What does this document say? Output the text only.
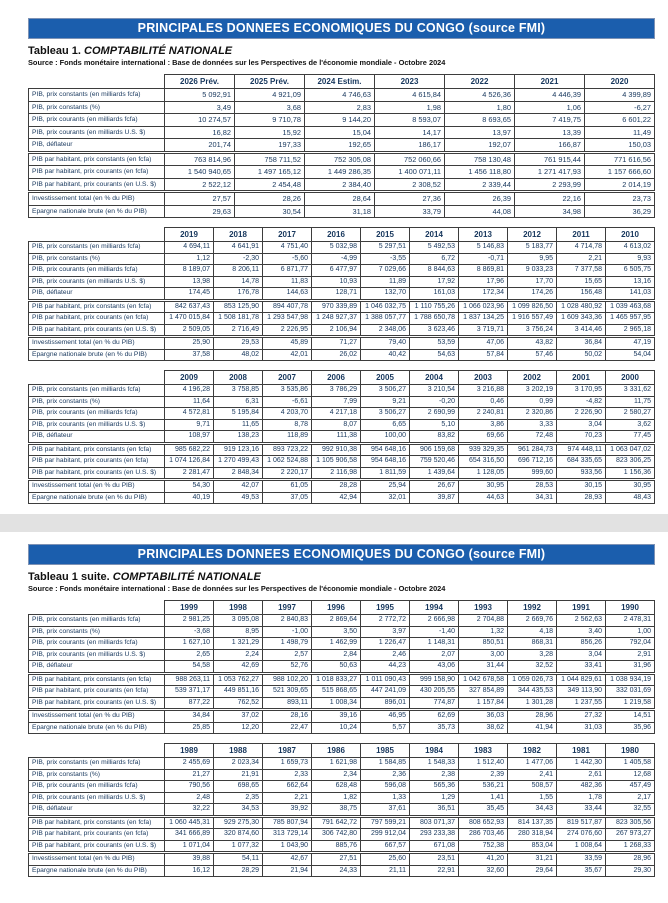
PRINCIPALES DONNEES ECONOMIQUES DU CONGO (source FMI)
Tableau 1. COMPTABILITÉ NATIONALE
Source : Fonds monétaire international : Base de données sur les Perspectives de l'économie mondiale - Octobre 2024
	2026 Prév.	2025 Prév.	2024 Estim.	2023	2022	2021	2020
PIB, prix constants (en milliards fcfa)	5 092,91	4 921,09	4 746,63	4 615,84	4 526,36	4 446,39	4 399,89
PIB, prix constants (%)	3,49	3,68	2,83	1,98	1,80	1,06	-6,27
PIB, prix courants (en milliards fcfa)	10 274,57	9 710,78	9 144,20	8 593,07	8 693,65	7 419,75	6 601,22
PIB, prix courants (en milliards U.S. $)	16,82	15,92	15,04	14,17	13,97	13,39	11,49
PIB, déflateur	201,74	197,33	192,65	186,17	192,07	166,87	150,03
PIB par habitant, prix constants (en fcfa)	763 814,96	758 711,52	752 305,08	752 060,66	758 130,48	761 915,44	771 616,56
PIB par habitant, prix courants (en fcfa)	1 540 940,65	1 497 165,12	1 449 286,35	1 400 071,11	1 456 118,80	1 271 417,93	1 157 666,60
PIB par habitant, prix courants (en U.S. $)	2 522,12	2 454,48	2 384,40	2 308,52	2 339,44	2 293,99	2 014,19
Investissement total (en % du PIB)	27,57	28,26	28,64	27,36	26,39	22,16	23,73
Epargne nationale brute (en % du PIB)	29,63	30,54	31,18	33,79	44,08	34,98	36,29
	2019	2018	2017	2016	2015	2014	2013	2012	2011	2010
PIB, prix constants (en milliards fcfa)	4 694,11	4 641,91	4 751,40	5 032,98	5 297,51	5 492,53	5 146,83	5 183,77	4 714,78	4 613,02
PIB, prix constants (%)	1,12	-2,30	-5,60	-4,99	-3,55	6,72	-0,71	9,95	2,21	9,93
PIB, prix courants (en milliards fcfa)	8 189,07	8 206,11	6 871,77	6 477,97	7 029,66	8 844,63	8 869,81	9 033,23	7 377,58	6 505,75
PIB, prix courants (en milliards U.S. $)	13,98	14,78	11,83	10,93	11,89	17,92	17,96	17,70	15,65	13,16
PIB, déflateur	174,45	176,78	144,63	128,71	132,70	161,03	172,34	174,26	156,48	141,03
PIB par habitant, prix constants (en fcfa)	842 637,43	853 125,90	894 407,78	970 339,89	1 046 032,75	1 110 755,26	1 066 023,96	1 099 826,50	1 028 480,92	1 039 463,68
PIB par habitant, prix courants (en fcfa)	1 470 015,84	1 508 181,78	1 293 547,98	1 248 927,37	1 388 057,77	1 788 650,78	1 837 134,25	1 916 557,49	1 609 343,36	1 465 957,95
PIB par habitant, prix courants (en U.S. $)	2 509,05	2 716,49	2 226,95	2 106,94	2 348,06	3 623,46	3 719,71	3 756,24	3 414,46	2 965,18
Investissement total (en % du PIB)	25,90	29,53	45,89	71,27	79,40	53,59	47,06	43,82	36,84	47,19
Epargne nationale brute (en % du PIB)	37,58	48,02	42,01	26,02	40,42	54,63	57,84	57,46	50,02	54,04
	2009	2008	2007	2006	2005	2004	2003	2002	2001	2000
PIB, prix constants (en milliards fcfa)	4 196,28	3 758,85	3 535,86	3 786,29	3 506,27	3 210,54	3 216,88	3 202,19	3 170,95	3 331,62
PIB, prix constants (%)	11,64	6,31	-6,61	7,99	9,21	-0,20	0,46	0,99	-4,82	11,75
PIB, prix courants (en milliards fcfa)	4 572,81	5 195,84	4 203,70	4 217,18	3 506,27	2 690,99	2 240,81	2 320,86	2 226,90	2 580,27
PIB, prix courants (en milliards U.S. $)	9,71	11,65	8,78	8,07	6,65	5,10	3,86	3,33	3,04	3,62
PIB, déflateur	108,97	138,23	118,89	111,38	100,00	83,82	69,66	72,48	70,23	77,45
PIB par habitant, prix constants (en fcfa)	985 682,22	919 123,16	893 723,22	992 910,38	954 648,16	906 159,68	939 329,35	961 284,73	974 448,11	1 063 047,02
PIB par habitant, prix courants (en fcfa)	1 074 126,84	1 270 499,43	1 062 524,88	1 105 906,58	954 648,16	759 520,46	654 316,50	696 712,16	684 335,65	823 306,25
PIB par habitant, prix courants (en U.S. $)	2 281,47	2 848,34	2 220,17	2 116,98	1 811,59	1 439,64	1 128,05	999,60	933,56	1 156,36
Investissement total (en % du PIB)	54,30	42,07	61,05	28,28	25,94	26,67	30,95	28,53	30,15	30,95
Epargne nationale brute (en % du PIB)	40,19	49,53	37,05	42,94	32,01	39,87	44,63	34,31	28,93	48,43
PRINCIPALES DONNEES ECONOMIQUES DU CONGO (source FMI)
Tableau 1 suite. COMPTABILITÉ NATIONALE
Source : Fonds monétaire international : Base de données sur les Perspectives de l'économie mondiale - Octobre 2024
	1999	1998	1997	1996	1995	1994	1993	1992	1991	1990
PIB, prix constants (en milliards fcfa)	2 981,25	3 095,08	2 840,83	2 869,64	2 772,72	2 666,98	2 704,88	2 669,76	2 562,63	2 478,31
PIB, prix constants (%)	-3,68	8,95	-1,00	3,50	3,97	-1,40	1,32	4,18	3,40	1,00
PIB, prix courants (en milliards fcfa)	1 627,10	1 321,29	1 498,79	1 462,99	1 226,47	1 148,31	850,51	868,31	856,26	792,04
PIB, prix courants (en milliards U.S. $)	2,65	2,24	2,57	2,84	2,46	2,07	3,00	3,28	3,04	2,91
PIB, déflateur	54,58	42,69	52,76	50,63	44,23	43,06	31,44	32,52	33,41	31,96
PIB par habitant, prix constants (en fcfa)	988 263,11	1 053 762,27	988 102,20	1 018 833,27	1 011 090,43	999 158,90	1 042 678,58	1 059 026,73	1 044 829,61	1 038 934,19
PIB par habitant, prix courants (en fcfa)	539 371,17	449 851,16	521 309,65	515 868,65	447 241,09	430 205,55	327 854,89	344 435,53	349 113,90	332 031,69
PIB par habitant, prix courants (en U.S. $)	877,22	762,52	893,11	1 008,34	896,01	774,87	1 157,84	1 301,28	1 237,55	1 219,58
Investissement total (en % du PIB)	34,84	37,02	28,16	39,16	46,95	62,69	36,03	28,96	27,32	14,51
Epargne nationale brute (en % du PIB)	25,85	12,20	22,47	10,24	5,57	35,73	38,62	41,94	31,03	35,96
	1989	1988	1987	1986	1985	1984	1983	1982	1981	1980
PIB, prix constants (en milliards fcfa)	2 455,69	2 023,34	1 659,73	1 621,98	1 584,85	1 548,33	1 512,40	1 477,06	1 442,30	1 405,58
PIB, prix constants (%)	21,27	21,91	2,33	2,34	2,36	2,38	2,39	2,41	2,61	12,68
PIB, prix courants (en milliards fcfa)	790,56	698,65	662,64	628,48	596,08	565,36	536,21	508,57	482,36	457,49
PIB, prix courants (en milliards U.S. $)	2,48	2,35	2,21	1,82	1,33	1,29	1,41	1,55	1,78	2,17
PIB, déflateur	32,22	34,53	39,92	38,75	37,61	36,51	35,45	34,43	33,44	32,55
PIB par habitant, prix constants (en fcfa)	1 060 445,31	929 275,30	785 807,94	791 642,72	797 599,21	803 071,37	808 652,93	814 137,35	819 517,87	823 305,56
PIB par habitant, prix courants (en fcfa)	341 666,89	320 874,60	313 729,14	306 742,80	299 912,04	293 233,38	286 703,46	280 318,94	274 076,60	267 973,27
PIB par habitant, prix courants (en U.S. $)	1 071,04	1 077,32	1 043,90	885,76	667,57	671,08	752,38	853,04	1 008,64	1 268,33
Investissement total (en % du PIB)	39,88	54,11	42,67	27,51	25,60	23,51	41,20	31,21	33,59	28,96
Epargne nationale brute (en % du PIB)	16,12	28,29	21,94	24,33	21,11	22,91	32,60	29,64	35,67	29,30
